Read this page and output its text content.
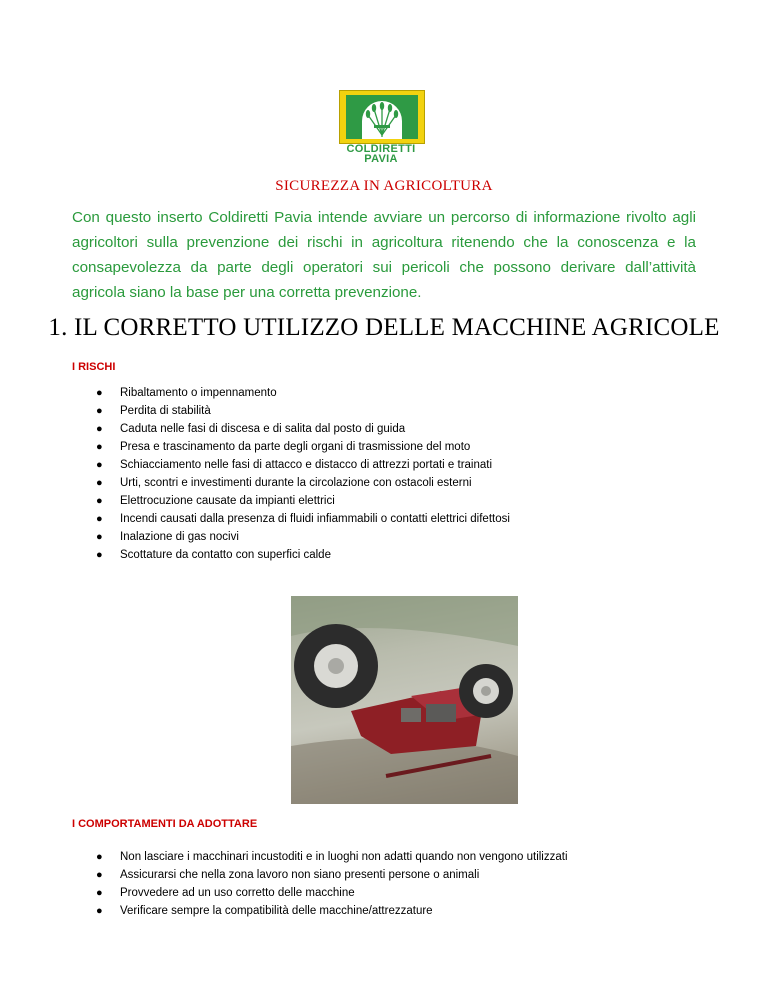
COLDIRETTI
PAVIA
SICUREZZA IN AGRICOLTURA
Con questo inserto Coldiretti Pavia intende avviare un percorso di informazione rivolto agli agricoltori sulla prevenzione dei rischi in agricoltura ritenendo che la conoscenza e la consapevolezza da parte degli operatori sui pericoli che possono derivare dall’attività agricola siano la base per una corretta prevenzione.
1. IL CORRETTO UTILIZZO DELLE MACCHINE AGRICOLE
I RISCHI
● Ribaltamento o impennamento
● Perdita di stabilità
● Caduta nelle fasi di discesa e di salita dal posto di guida
● Presa e trascinamento da parte degli organi di trasmissione del moto
● Schiacciamento nelle fasi di attacco e distacco di attrezzi portati e trainati
● Urti, scontri e investimenti durante la circolazione con ostacoli esterni
● Elettrocuzione causate da impianti elettrici
● Incendi causati dalla presenza di fluidi infiammabili o contatti elettrici difettosi
● Inalazione di gas nocivi
● Scottature da contatto con superfici calde
I COMPORTAMENTI DA ADOTTARE
● Non lasciare i macchinari incustoditi e in luoghi non adatti quando non vengono utilizzati
● Assicurarsi che nella zona lavoro non siano presenti persone o animali
● Provvedere ad un uso corretto delle macchine
● Verificare sempre la compatibilità delle macchine/attrezzature
